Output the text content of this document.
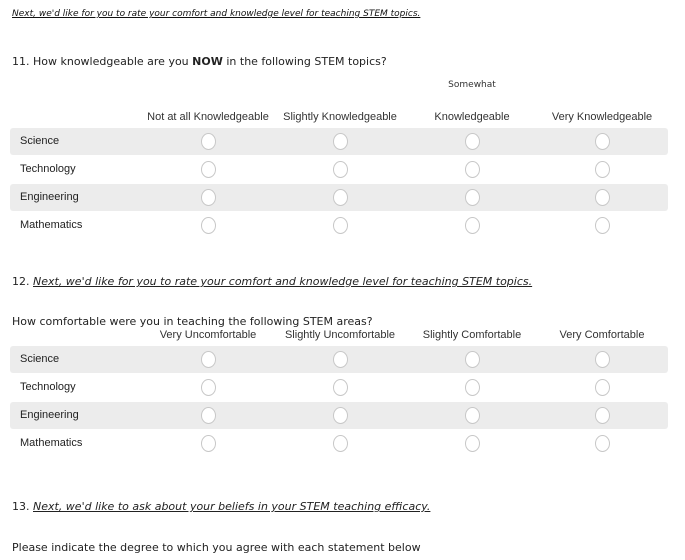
Next, we'd like for you to rate your comfort and knowledge level for teaching STEM topics.
11. How knowledgeable are you NOW in the following STEM topics?
Somewhat
Not at all Knowledgeable	Slightly Knowledgeable	Knowledgeable	Very Knowledgeable
Science
Technology
Engineering
Mathematics
12. Next, we'd like for you to rate your comfort and knowledge level for teaching STEM topics.
How comfortable were you in teaching the following STEM areas?
Very Uncomfortable	Slightly Uncomfortable	Slightly Comfortable	Very Comfortable
Science
Technology
Engineering
Mathematics
13. Next, we'd like to ask about your beliefs in your STEM teaching efficacy.
Please indicate the degree to which you agree with each statement below
